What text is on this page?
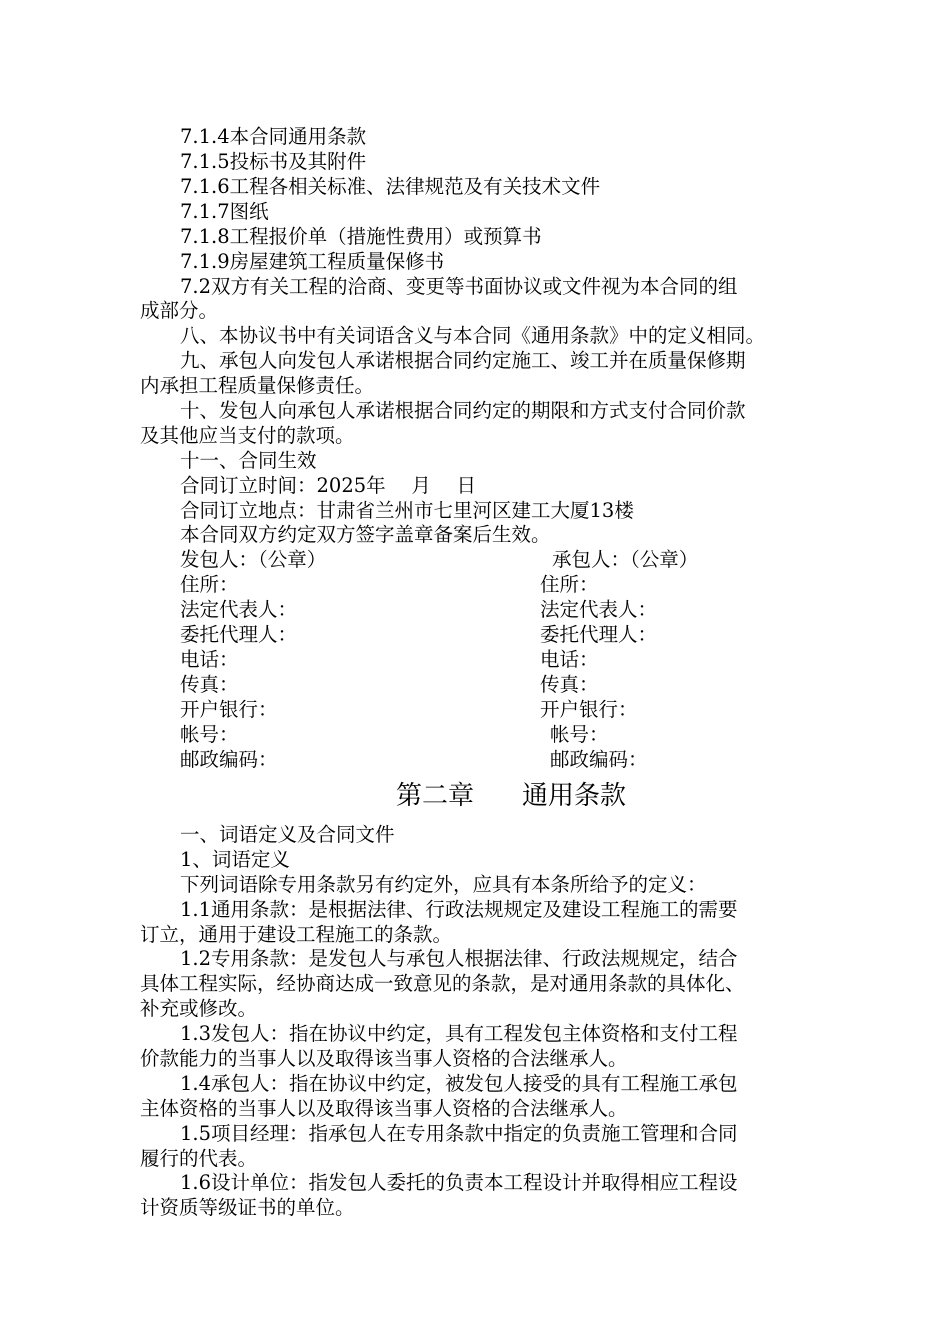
7.1.4本合同通用条款
7.1.5投标书及其附件
7.1.6工程各相关标准、法律规范及有关技术文件
7.1.7图纸
7.1.8工程报价单（措施性费用）或预算书
7.1.9房屋建筑工程质量保修书
7.2双方有关工程的洽商、变更等书面协议或文件视为本合同的组
成部分。
八、本协议书中有关词语含义与本合同《通用条款》中的定义相同。
九、承包人向发包人承诺根据合同约定施工、竣工并在质量保修期
内承担工程质量保修责任。
十、发包人向承包人承诺根据合同约定的期限和方式支付合同价款
及其他应当支付的款项。
十一、合同生效
合同订立时间：2025年　 月　 日
合同订立地点：甘肃省兰州市七里河区建工大厦13楼
本合同双方约定双方签字盖章备案后生效。
发包人：（公章）	承包人：（公章）
住所：	住所：
法定代表人：	法定代表人：
委托代理人：	委托代理人：
电话：	电话：
传真：	传真：
开户银行：	开户银行：
帐号：	帐号：
邮政编码：	邮政编码：
第二章 通用条款
一、词语定义及合同文件
1、词语定义
下列词语除专用条款另有约定外，应具有本条所给予的定义：
1.1通用条款：是根据法律、行政法规规定及建设工程施工的需要
订立，通用于建设工程施工的条款。
1.2专用条款：是发包人与承包人根据法律、行政法规规定，结合
具体工程实际，经协商达成一致意见的条款，是对通用条款的具体化、
补充或修改。
1.3发包人：指在协议中约定，具有工程发包主体资格和支付工程
价款能力的当事人以及取得该当事人资格的合法继承人。
1.4承包人：指在协议中约定，被发包人接受的具有工程施工承包
主体资格的当事人以及取得该当事人资格的合法继承人。
1.5项目经理：指承包人在专用条款中指定的负责施工管理和合同
履行的代表。
1.6设计单位：指发包人委托的负责本工程设计并取得相应工程设
计资质等级证书的单位。
